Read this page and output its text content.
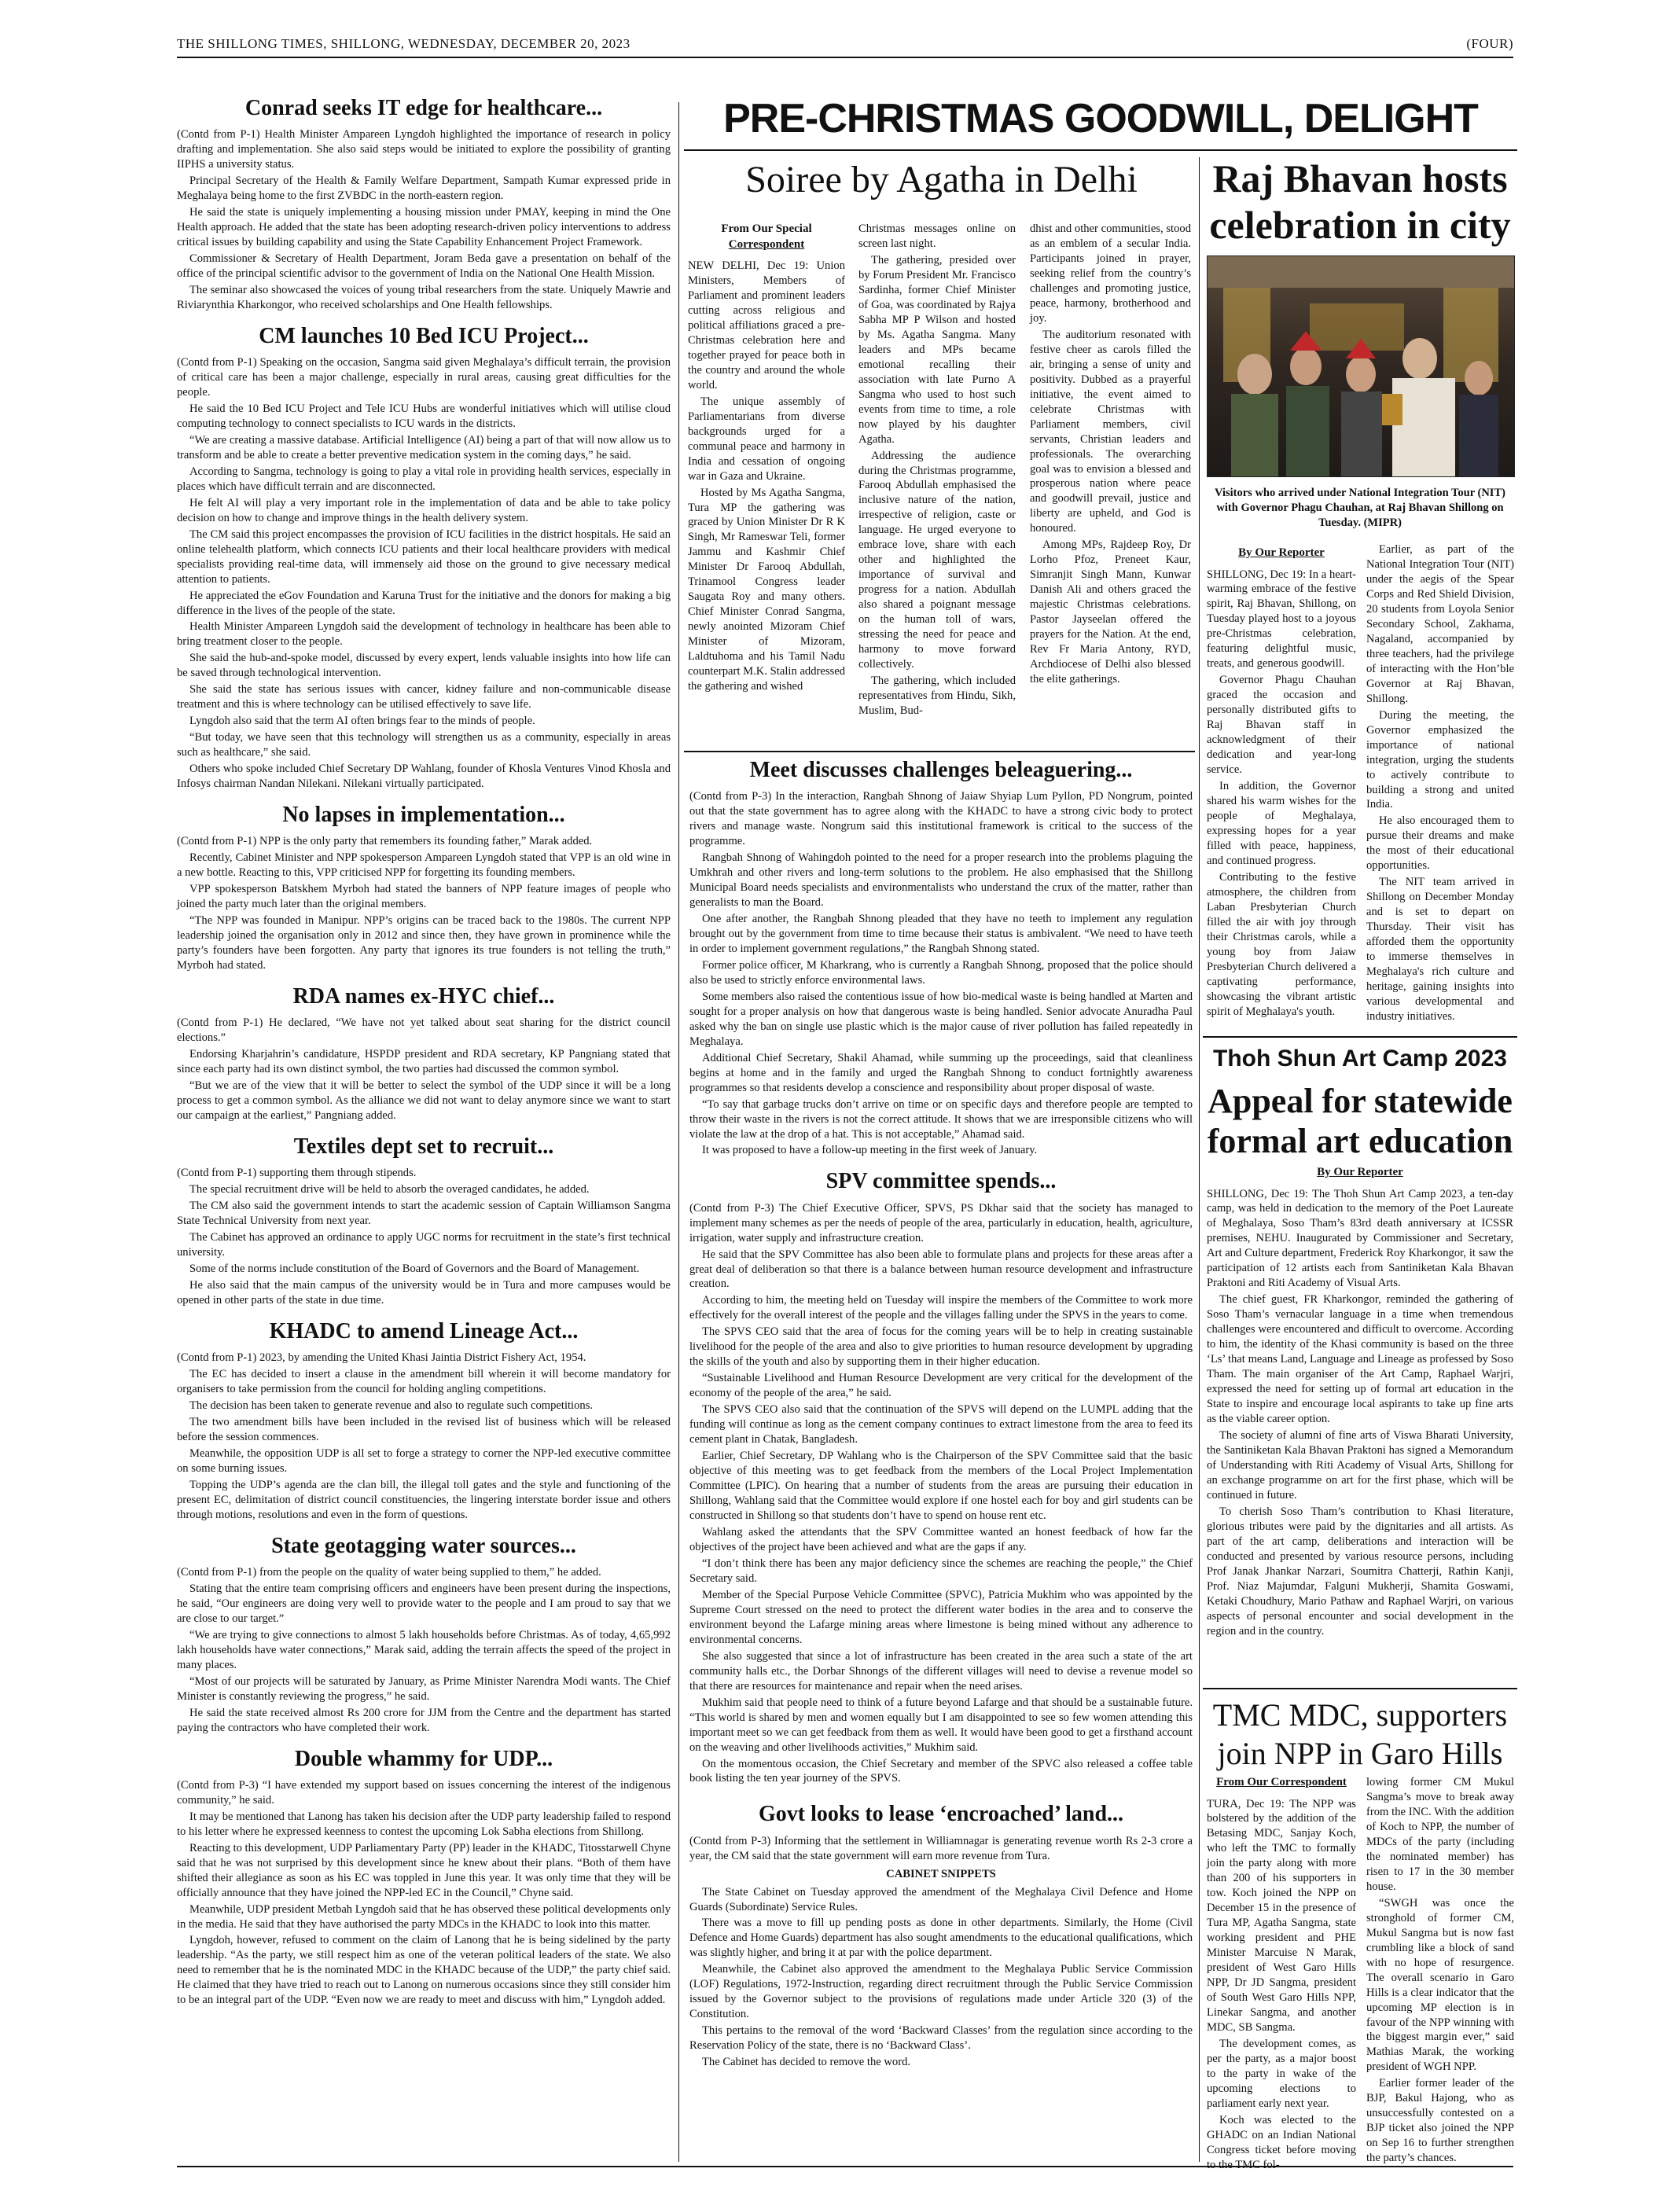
THE SHILLONG TIMES, SHILLONG, WEDNESDAY, DECEMBER 20, 2023	(FOUR)
Conrad seeks IT edge for healthcare...

(Contd from P-1) Health Minister Ampareen Lyngdoh highlighted the importance of research in policy drafting and implementation. She also said steps would be initiated to explore the possibility of granting IIPHS a university status.

Principal Secretary of the Health & Family Welfare Department, Sampath Kumar expressed pride in Meghalaya being home to the first ZVBDC in the north-eastern region.

He said the state is uniquely implementing a housing mission under PMAY, keeping in mind the One Health approach. He added that the state has been adopting research-driven policy interventions to address critical issues by building capability and using the State Capability Enhancement Project Framework.

Commissioner & Secretary of Health Department, Joram Beda gave a presentation on behalf of the office of the principal scientific advisor to the government of India on the National One Health Mission.

The seminar also showcased the voices of young tribal researchers from the state. Uniquely Mawrie and Riviarynthia Kharkongor, who received scholarships and One Health fellowships.

CM launches 10 Bed ICU Project...

(Contd from P-1) Speaking on the occasion, Sangma said given Meghalaya’s difficult terrain, the provision of critical care has been a major challenge, especially in rural areas, causing great difficulties for the people.

He said the 10 Bed ICU Project and Tele ICU Hubs are wonderful initiatives which will utilise cloud computing technology to connect specialists to ICU wards in the districts.

“We are creating a massive database. Artificial Intelligence (AI) being a part of that will now allow us to transform and be able to create a better preventive medication system in the coming days,” he said.

According to Sangma, technology is going to play a vital role in providing health services, especially in places which have difficult terrain and are disconnected.

He felt AI will play a very important role in the implementation of data and be able to take policy decision on how to change and improve things in the health delivery system.

The CM said this project encompasses the provision of ICU facilities in the district hospitals. He said an online telehealth platform, which connects ICU patients and their local healthcare providers with medical specialists providing real-time data, will immensely aid those on the ground to give necessary medical attention to patients.

He appreciated the eGov Foundation and Karuna Trust for the initiative and the donors for making a big difference in the lives of the people of the state.

Health Minister Ampareen Lyngdoh said the development of technology in healthcare has been able to bring treatment closer to the people.

She said the hub-and-spoke model, discussed by every expert, lends valuable insights into how life can be saved through technological intervention.

She said the state has serious issues with cancer, kidney failure and non-communicable disease treatment and this is where technology can be utilised effectively to save life.

Lyngdoh also said that the term AI often brings fear to the minds of people.

“But today, we have seen that this technology will strengthen us as a community, especially in areas such as healthcare,” she said.

Others who spoke included Chief Secretary DP Wahlang, founder of Khosla Ventures Vinod Khosla and Infosys chairman Nandan Nilekani. Nilekani virtually participated.

No lapses in implementation...

(Contd from P-1) NPP is the only party that remembers its founding father,” Marak added.

Recently, Cabinet Minister and NPP spokesperson Ampareen Lyngdoh stated that VPP is an old wine in a new bottle. Reacting to this, VPP criticised NPP for forgetting its founding members.

VPP spokesperson Batskhem Myrboh had stated the banners of NPP feature images of people who joined the party much later than the original members.

“The NPP was founded in Manipur. NPP’s origins can be traced back to the 1980s. The current NPP leadership joined the organisation only in 2012 and since then, they have grown in prominence while the party’s founders have been forgotten. Any party that ignores its true founders is not telling the truth,” Myrboh had stated.

RDA names ex-HYC chief...

(Contd from P-1) He declared, “We have not yet talked about seat sharing for the district council elections.”

Endorsing Kharjahrin’s candidature, HSPDP president and RDA secretary, KP Pangniang stated that since each party had its own distinct symbol, the two parties had discussed the common symbol.

“But we are of the view that it will be better to select the symbol of the UDP since it will be a long process to get a common symbol. As the alliance we did not want to delay anymore since we want to start our campaign at the earliest,” Pangniang added.

Textiles dept set to recruit...

(Contd from P-1) supporting them through stipends.

The special recruitment drive will be held to absorb the overaged candidates, he added.

The CM also said the government intends to start the academic session of Captain Williamson Sangma State Technical University from next year.

The Cabinet has approved an ordinance to apply UGC norms for recruitment in the state’s first technical university.

Some of the norms include constitution of the Board of Governors and the Board of Management.

He also said that the main campus of the university would be in Tura and more campuses would be opened in other parts of the state in due time.

KHADC to amend Lineage Act...

(Contd from P-1) 2023, by amending the United Khasi Jaintia District Fishery Act, 1954.

The EC has decided to insert a clause in the amendment bill wherein it will become mandatory for organisers to take permission from the council for holding angling competitions.

The decision has been taken to generate revenue and also to regulate such competitions.

The two amendment bills have been included in the revised list of business which will be released before the session commences.

Meanwhile, the opposition UDP is all set to forge a strategy to corner the NPP-led executive committee on some burning issues.

Topping the UDP’s agenda are the clan bill, the illegal toll gates and the style and functioning of the present EC, delimitation of district council constituencies, the lingering interstate border issue and others through motions, resolutions and even in the form of questions.

State geotagging water sources...

(Contd from P-1) from the people on the quality of water being supplied to them,” he added.

Stating that the entire team comprising officers and engineers have been present during the inspections, he said, “Our engineers are doing very well to provide water to the people and I am proud to say that we are close to our target.”

“We are trying to give connections to almost 5 lakh households before Christmas. As of today, 4,65,992 lakh households have water connections,” Marak said, adding the terrain affects the speed of the project in many places.

“Most of our projects will be saturated by January, as Prime Minister Narendra Modi wants. The Chief Minister is constantly reviewing the progress,” he said.

He said the state received almost Rs 200 crore for JJM from the Centre and the department has started paying the contractors who have completed their work.

Double whammy for UDP...

(Contd from P-3) “I have extended my support based on issues concerning the interest of the indigenous community,” he said.

It may be mentioned that Lanong has taken his decision after the UDP party leadership failed to respond to his letter where he expressed keenness to contest the upcoming Lok Sabha elections from Shillong.

Reacting to this development, UDP Parliamentary Party (PP) leader in the KHADC, Titosstarwell Chyne said that he was not surprised by this development since he knew about their plans. “Both of them have shifted their allegiance as soon as his EC was toppled in June this year. It was only time that they will be officially announce that they have joined the NPP-led EC in the Council,” Chyne said.

Meanwhile, UDP president Metbah Lyngdoh said that he has observed these political developments only in the media. He said that they have authorised the party MDCs in the KHADC to look into this matter.

Lyngdoh, however, refused to comment on the claim of Lanong that he is being sidelined by the party leadership. “As the party, we still respect him as one of the veteran political leaders of the state. We also need to remember that he is the nominated MDC in the KHADC because of the UDP,” the party chief said. He claimed that they have tried to reach out to Lanong on numerous occasions since they still consider him to be an integral part of the UDP. “Even now we are ready to meet and discuss with him,” Lyngdoh added.

PRE-CHRISTMAS GOODWILL, DELIGHT
Soiree by Agatha in Delhi
From Our Special
Correspondent

NEW DELHI, Dec 19: Union Ministers, Members of Parliament and prominent leaders cutting across religious and political affiliations graced a pre-Christmas celebration here and together prayed for peace both in the country and around the whole world.

The unique assembly of Parliamentarians from diverse backgrounds urged for a communal peace and harmony in India and cessation of ongoing war in Gaza and Ukraine.

Hosted by Ms Agatha Sangma, Tura MP the gathering was graced by Union Minister Dr R K Singh, Mr Rameswar Teli, former Jammu and Kashmir Chief Minister Dr Farooq Abdullah, Trinamool Congress leader Saugata Roy and many others. Chief Minister Conrad Sangma, newly anointed Mizoram Chief Minister of Mizoram, Laldtuhoma and his Tamil Nadu counterpart M.K. Stalin addressed the gathering and wished

Christmas messages online on screen last night.

The gathering, presided over by Forum President Mr. Francisco Sardinha, former Chief Minister of Goa, was coordinated by Rajya Sabha MP P Wilson and hosted by Ms. Agatha Sangma. Many leaders and MPs became emotional recalling their association with late Purno A Sangma who used to host such events from time to time, a role now played by his daughter Agatha.

Addressing the audience during the Christmas programme, Farooq Abdullah emphasised the inclusive nature of the nation, irrespective of religion, caste or language. He urged everyone to embrace love, share with each other and highlighted the importance of survival and progress for a nation. Abdullah also shared a poignant message on the human toll of wars, stressing the need for peace and harmony to move forward collectively.

The gathering, which included representatives from Hindu, Sikh, Muslim, Bud-

dhist and other communities, stood as an emblem of a secular India. Participants joined in prayer, seeking relief from the country’s challenges and promoting justice, peace, harmony, brotherhood and joy.

The auditorium resonated with festive cheer as carols filled the air, bringing a sense of unity and positivity. Dubbed as a prayerful initiative, the event aimed to celebrate Christmas with Parliament members, civil servants, Christian leaders and professionals. The overarching goal was to envision a blessed and prosperous nation where peace and goodwill prevail, justice and liberty are upheld, and God is honoured.

Among MPs, Rajdeep Roy, Dr Lorho Pfoz, Preneet Kaur, Simranjit Singh Mann, Kunwar Danish Ali and others graced the majestic Christmas celebrations. Pastor Jayseelan offered the prayers for the Nation. At the end, Rev Fr Maria Antony, RYD, Archdiocese of Delhi also blessed the elite gatherings.

Raj Bhavan hosts
celebration in city
Visitors who arrived under National Integration Tour (NIT) with Governor Phagu Chauhan, at Raj Bhavan Shillong on Tuesday. (MIPR)
By Our Reporter

SHILLONG, Dec 19: In a heart-warming embrace of the festive spirit, Raj Bhavan, Shillong, on Tuesday played host to a joyous pre-Christmas celebration, featuring delightful music, treats, and generous goodwill.

Governor Phagu Chauhan graced the occasion and personally distributed gifts to Raj Bhavan staff in acknowledgment of their dedication and year-long service.

In addition, the Governor shared his warm wishes for the people of Meghalaya, expressing hopes for a year filled with peace, happiness, and continued progress.

Contributing to the festive atmosphere, the children from Laban Presbyterian Church filled the air with joy through their Christmas carols, while a young boy from Jaiaw Presbyterian Church delivered a captivating performance, showcasing the vibrant artistic spirit of Meghalaya's youth.

Earlier, as part of the National Integration Tour (NIT) under the aegis of the Spear Corps and Red Shield Division, 20 students from Loyola Senior Secondary School, Zakhama, Nagaland, accompanied by three teachers, had the privilege of interacting with the Hon’ble Governor at Raj Bhavan, Shillong.

During the meeting, the Governor emphasized the importance of national integration, urging the students to actively contribute to building a strong and united India.

He also encouraged them to pursue their dreams and make the most of their educational opportunities.

The NIT team arrived in Shillong on December Monday and is set to depart on Thursday. Their visit has afforded them the opportunity to immerse themselves in Meghalaya's rich culture and heritage, gaining insights into various developmental and industry initiatives.

Thoh Shun Art Camp 2023
Appeal for statewide
formal art education
By Our Reporter

SHILLONG, Dec 19: The Thoh Shun Art Camp 2023, a ten-day camp, was held in dedication to the memory of the Poet Laureate of Meghalaya, Soso Tham’s 83rd death anniversary at ICSSR premises, NEHU. Inaugurated by Commissioner and Secretary, Art and Culture department, Frederick Roy Kharkongor, it saw the participation of 12 artists each from Santiniketan Kala Bhavan Praktoni and Riti Academy of Visual Arts.

The chief guest, FR Kharkongor, reminded the gathering of Soso Tham’s vernacular language in a time when tremendous challenges were encountered and difficult to overcome. According to him, the identity of the Khasi community is based on the three ‘Ls’ that means Land, Language and Lineage as professed by Soso Tham. The main organiser of the Art Camp, Raphael Warjri, expressed the need for setting up of formal art education in the State to inspire and encourage local aspirants to take up fine arts as the viable career option.

The society of alumni of fine arts of Viswa Bharati University, the Santiniketan Kala Bhavan Praktoni has signed a Memorandum of Understanding with Riti Academy of Visual Arts, Shillong for an exchange programme on art for the first phase, which will be continued in future.

To cherish Soso Tham’s contribution to Khasi literature, glorious tributes were paid by the dignitaries and all artists. As part of the art camp, deliberations and interaction will be conducted and presented by various resource persons, including Prof Janak Jhankar Narzari, Soumitra Chatterji, Rathin Kanji, Prof. Niaz Majumdar, Falguni Mukherji, Shamita Goswami, Ketaki Choudhury, Mario Pathaw and Raphael Warjri, on various aspects of personal encounter and social development in the region and in the country.

TMC MDC, supporters
join NPP in Garo Hills
From Our Correspondent

TURA, Dec 19: The NPP was bolstered by the addition of the Betasing MDC, Sanjay Koch, who left the TMC to formally join the party along with more than 200 of his supporters in tow. Koch joined the NPP on December 15 in the presence of Tura MP, Agatha Sangma, state working president and PHE Minister Marcuise N Marak, president of West Garo Hills NPP, Dr JD Sangma, president of South West Garo Hills NPP, Linekar Sangma, and another MDC, SB Sangma.

The development comes, as per the party, as a major boost to the party in wake of the upcoming elections to parliament early next year.

Koch was elected to the GHADC on an Indian National Congress ticket before moving to the TMC fol-

lowing former CM Mukul Sangma’s move to break away from the INC. With the addition of Koch to NPP, the number of MDCs of the party (including the nominated member) has risen to 17 in the 30 member house.

“SWGH was once the stronghold of former CM, Mukul Sangma but is now fast crumbling like a block of sand with no hope of resurgence. The overall scenario in Garo Hills is a clear indicator that the upcoming MP election is in favour of the NPP winning with the biggest margin ever,” said Mathias Marak, the working president of WGH NPP.

Earlier former leader of the BJP, Bakul Hajong, who as unsuccessfully contested on a BJP ticket also joined the NPP on Sep 16 to further strengthen the party’s chances.

Meet discusses challenges beleaguering...

(Contd from P-3) In the interaction, Rangbah Shnong of Jaiaw Shyiap Lum Pyllon, PD Nongrum, pointed out that the state government has to agree along with the KHADC to have a strong civic body to protect rivers and manage waste. Nongrum said this institutional framework is critical to the success of the programme.

Rangbah Shnong of Wahingdoh pointed to the need for a proper research into the problems plaguing the Umkhrah and other rivers and long-term solutions to the problem. He also emphasised that the Shillong Municipal Board needs specialists and environmentalists who understand the crux of the matter, rather than generalists to man the Board.

One after another, the Rangbah Shnong pleaded that they have no teeth to implement any regulation brought out by the government from time to time because their status is ambivalent. “We need to have teeth in order to implement government regulations,” the Rangbah Shnong stated.

Former police officer, M Kharkrang, who is currently a Rangbah Shnong, proposed that the police should also be used to strictly enforce environmental laws.

Some members also raised the contentious issue of how bio-medical waste is being handled at Marten and sought for a proper analysis on how that dangerous waste is being handled. Senior advocate Anuradha Paul asked why the ban on single use plastic which is the major cause of river pollution has failed repeatedly in Meghalaya.

Additional Chief Secretary, Shakil Ahamad, while summing up the proceedings, said that cleanliness begins at home and in the family and urged the Rangbah Shnong to conduct fortnightly awareness programmes so that residents develop a conscience and responsibility about proper disposal of waste.

“To say that garbage trucks don’t arrive on time or on specific days and therefore people are tempted to throw their waste in the rivers is not the correct attitude. It shows that we are irresponsible citizens who will violate the law at the drop of a hat. This is not acceptable,” Ahamad said.

It was proposed to have a follow-up meeting in the first week of January.

SPV committee spends...

(Contd from P-3) The Chief Executive Officer, SPVS, PS Dkhar said that the society has managed to implement many schemes as per the needs of people of the area, particularly in education, health, agriculture, irrigation, water supply and infrastructure creation.

He said that the SPV Committee has also been able to formulate plans and projects for these areas after a great deal of deliberation so that there is a balance between human resource development and infrastructure creation.

According to him, the meeting held on Tuesday will inspire the members of the Committee to work more effectively for the overall interest of the people and the villages falling under the SPVS in the years to come.

The SPVS CEO said that the area of focus for the coming years will be to help in creating sustainable livelihood for the people of the area and also to give priorities to human resource development by upgrading the skills of the youth and also by supporting them in their higher education.

“Sustainable Livelihood and Human Resource Development are very critical for the development of the economy of the people of the area,” he said.

The SPVS CEO also said that the continuation of the SPVS will depend on the LUMPL adding that the funding will continue as long as the cement company continues to extract limestone from the area to feed its cement plant in Chatak, Bangladesh.

Earlier, Chief Secretary, DP Wahlang who is the Chairperson of the SPV Committee said that the basic objective of this meeting was to get feedback from the members of the Local Project Implementation Committee (LPIC). On hearing that a number of students from the areas are pursuing their education in Shillong, Wahlang said that the Committee would explore if one hostel each for boy and girl students can be constructed in Shillong so that students don’t have to spend on house rent etc.

Wahlang asked the attendants that the SPV Committee wanted an honest feedback of how far the objectives of the project have been achieved and what are the gaps if any.

“I don’t think there has been any major deficiency since the schemes are reaching the people,” the Chief Secretary said.

Member of the Special Purpose Vehicle Committee (SPVC), Patricia Mukhim who was appointed by the Supreme Court stressed on the need to protect the different water bodies in the area and to conserve the environment beyond the Lafarge mining areas where limestone is being mined without any adherence to environmental concerns.

She also suggested that since a lot of infrastructure has been created in the area such a state of the art community halls etc., the Dorbar Shnongs of the different villages will need to devise a revenue model so that there are resources for maintenance and repair when the need arises.

Mukhim said that people need to think of a future beyond Lafarge and that should be a sustainable future. “This world is shared by men and women equally but I am disappointed to see so few women attending this important meet so we can get feedback from them as well. It would have been good to get a firsthand account on the weaving and other livelihoods activities,” Mukhim said.

On the momentous occasion, the Chief Secretary and member of the SPVC also released a coffee table book listing the ten year journey of the SPVS.

Govt looks to lease ‘encroached’ land...

(Contd from P-3) Informing that the settlement in Williamnagar is generating revenue worth Rs 2-3 crore a year, the CM said that the state government will earn more revenue from Tura.

CABINET SNIPPETS

The State Cabinet on Tuesday approved the amendment of the Meghalaya Civil Defence and Home Guards (Subordinate) Service Rules.

There was a move to fill up pending posts as done in other departments. Similarly, the Home (Civil Defence and Home Guards) department has also sought amendments to the educational qualifications, which was slightly higher, and bring it at par with the police department.

Meanwhile, the Cabinet also approved the amendment to the Meghalaya Public Service Commission (LOF) Regulations, 1972-Instruction, regarding direct recruitment through the Public Service Commission issued by the Governor subject to the provisions of regulations made under Article 320 (3) of the Constitution.

This pertains to the removal of the word ‘Backward Classes’ from the regulation since according to the Reservation Policy of the state, there is no ‘Backward Class’.

The Cabinet has decided to remove the word.
